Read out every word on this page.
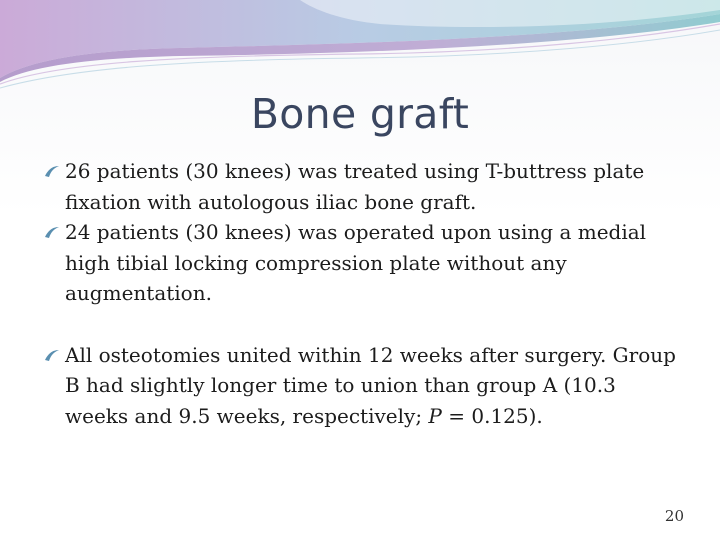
Bone graft

26 patients (30 knees) was treated using T-buttress plate fixation with autologous iliac bone graft.

24 patients (30 knees) was operated upon using a medial high tibial locking compression plate without any augmentation.

All osteotomies united within 12 weeks after surgery. Group B had slightly longer time to union than group A (10.3 weeks and 9.5 weeks, respectively; P = 0.125).

20
